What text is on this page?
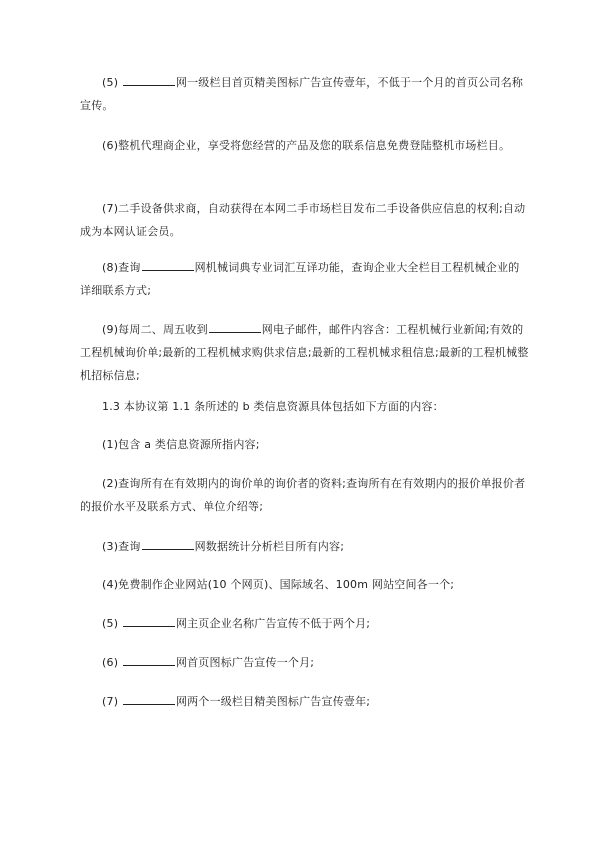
(5)	网一级栏目首页精美图标广告宣传壹年，不低于一个月的首页公司名称宣传。

(6)整机代理商企业，享受将您经营的产品及您的联系信息免费登陆整机市场栏目。

(7)二手设备供求商，自动获得在本网二手市场栏目发布二手设备供应信息的权利;自动成为本网认证会员。

(8)查询	网机械词典专业词汇互译功能，查询企业大全栏目工程机械企业的详细联系方式;

(9)每周二、周五收到	网电子邮件，邮件内容含：工程机械行业新闻;有效的工程机械询价单;最新的工程机械求购供求信息;最新的工程机械求租信息;最新的工程机械整机招标信息;

1.3 本协议第 1.1 条所述的 b 类信息资源具体包括如下方面的内容：

(1)包含 a 类信息资源所指内容;

(2)查询所有在有效期内的询价单的询价者的资料;查询所有在有效期内的报价单报价者的报价水平及联系方式、单位介绍等;

(3)查询	网数据统计分析栏目所有内容;

(4)免费制作企业网站(10 个网页)、国际域名、100m 网站空间各一个;

(5)	网主页企业名称广告宣传不低于两个月;

(6)	网首页图标广告宣传一个月;

(7)	网两个一级栏目精美图标广告宣传壹年;
